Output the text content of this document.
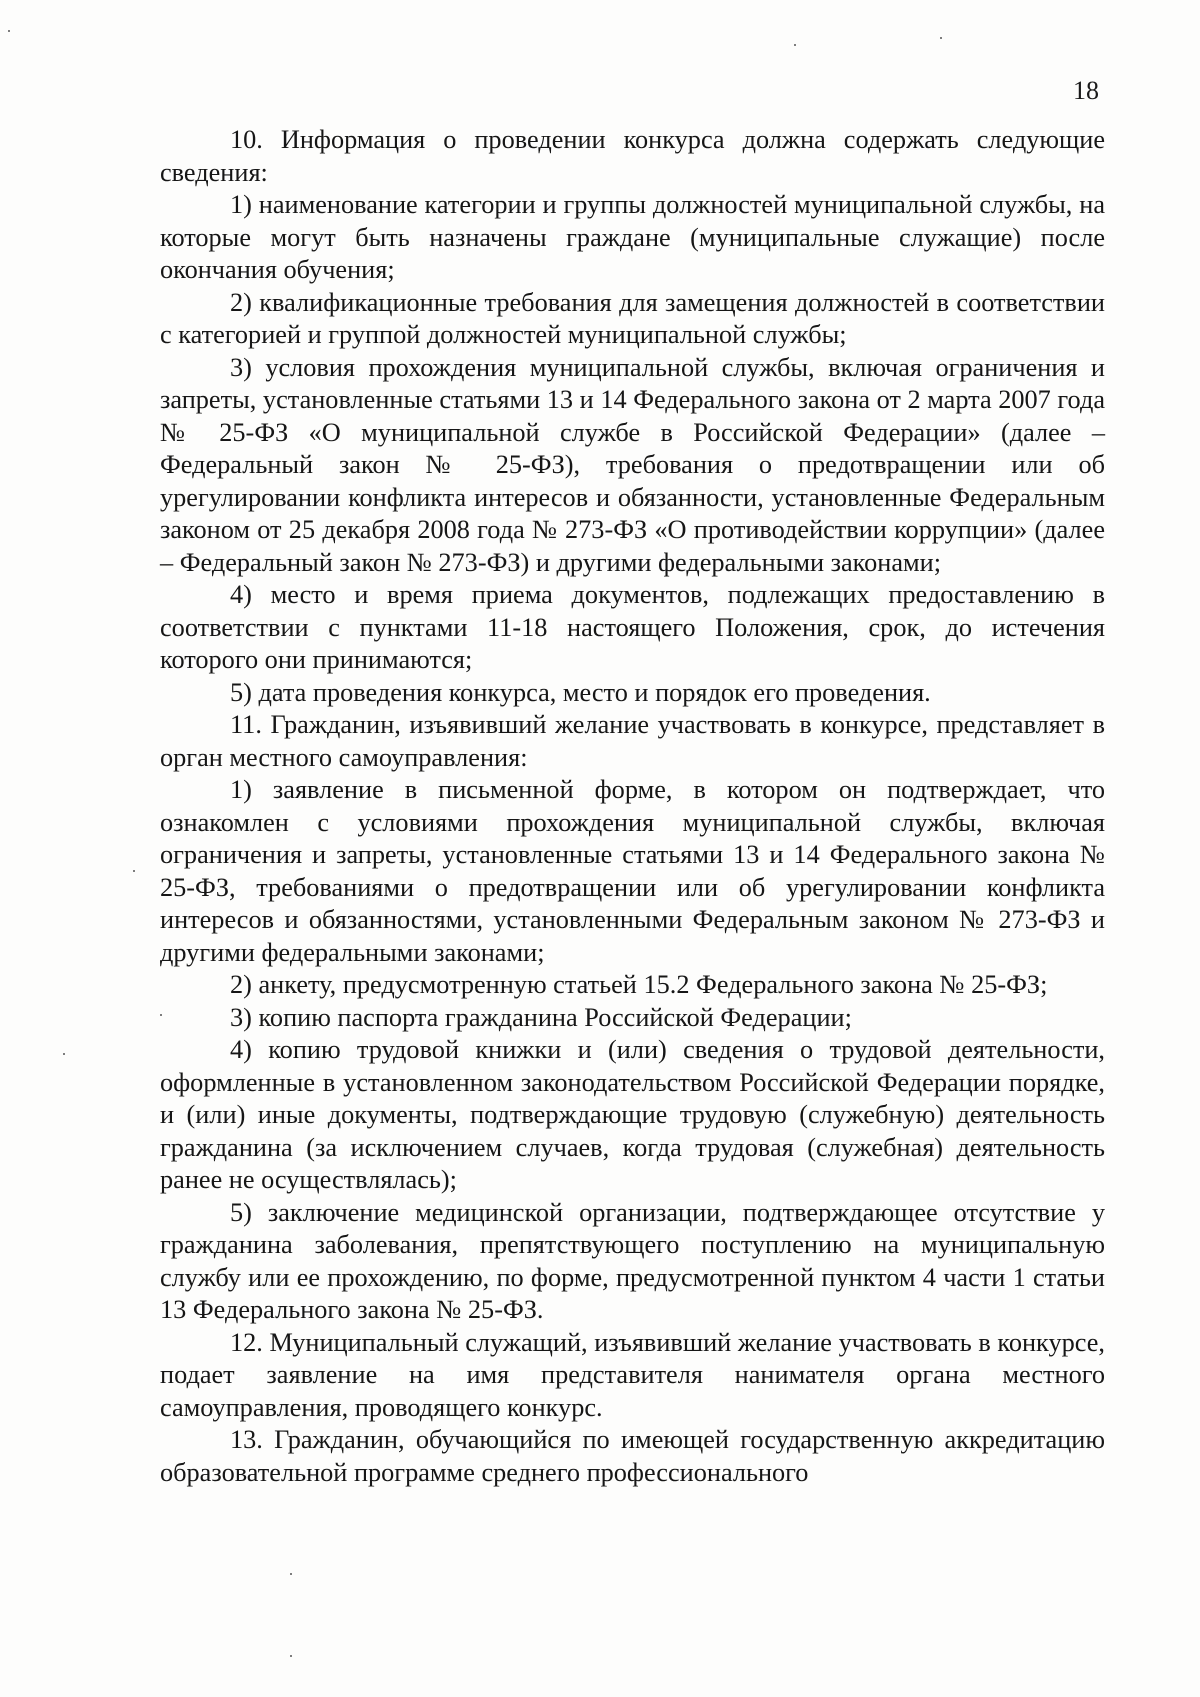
18

10. Информация о проведении конкурса должна содержать следующие сведения:

1) наименование категории и группы должностей муниципальной службы, на которые могут быть назначены граждане (муниципальные служащие) после окончания обучения;

2) квалификационные требования для замещения должностей в соответствии с категорией и группой должностей муниципальной службы;

3) условия прохождения муниципальной службы, включая ограничения и запреты, установленные статьями 13 и 14 Федерального закона от 2 марта 2007 года № 25-ФЗ «О муниципальной службе в Российской Федерации» (далее – Федеральный закон № 25-ФЗ), требования о предотвращении или об урегулировании конфликта интересов и обязанности, установленные Федеральным законом от 25 декабря 2008 года № 273-ФЗ «О противодействии коррупции» (далее – Федеральный закон № 273-ФЗ) и другими федеральными законами;

4) место и время приема документов, подлежащих предоставлению в соответствии с пунктами 11-18 настоящего Положения, срок, до истечения которого они принимаются;

5) дата проведения конкурса, место и порядок его проведения.

11. Гражданин, изъявивший желание участвовать в конкурсе, представляет в орган местного самоуправления:

1) заявление в письменной форме, в котором он подтверждает, что ознакомлен с условиями прохождения муниципальной службы, включая ограничения и запреты, установленные статьями 13 и 14 Федерального закона № 25-ФЗ, требованиями о предотвращении или об урегулировании конфликта интересов и обязанностями, установленными Федеральным законом № 273-ФЗ и другими федеральными законами;

2) анкету, предусмотренную статьей 15.2 Федерального закона № 25-ФЗ;

3) копию паспорта гражданина Российской Федерации;

4) копию трудовой книжки и (или) сведения о трудовой деятельности, оформленные в установленном законодательством Российской Федерации порядке, и (или) иные документы, подтверждающие трудовую (служебную) деятельность гражданина (за исключением случаев, когда трудовая (служебная) деятельность ранее не осуществлялась);

5) заключение медицинской организации, подтверждающее отсутствие у гражданина заболевания, препятствующего поступлению на муниципальную службу или ее прохождению, по форме, предусмотренной пунктом 4 части 1 статьи 13 Федерального закона № 25-ФЗ.

12. Муниципальный служащий, изъявивший желание участвовать в конкурсе, подает заявление на имя представителя нанимателя органа местного самоуправления, проводящего конкурс.

13. Гражданин, обучающийся по имеющей государственную аккредитацию образовательной программе среднего профессионального
